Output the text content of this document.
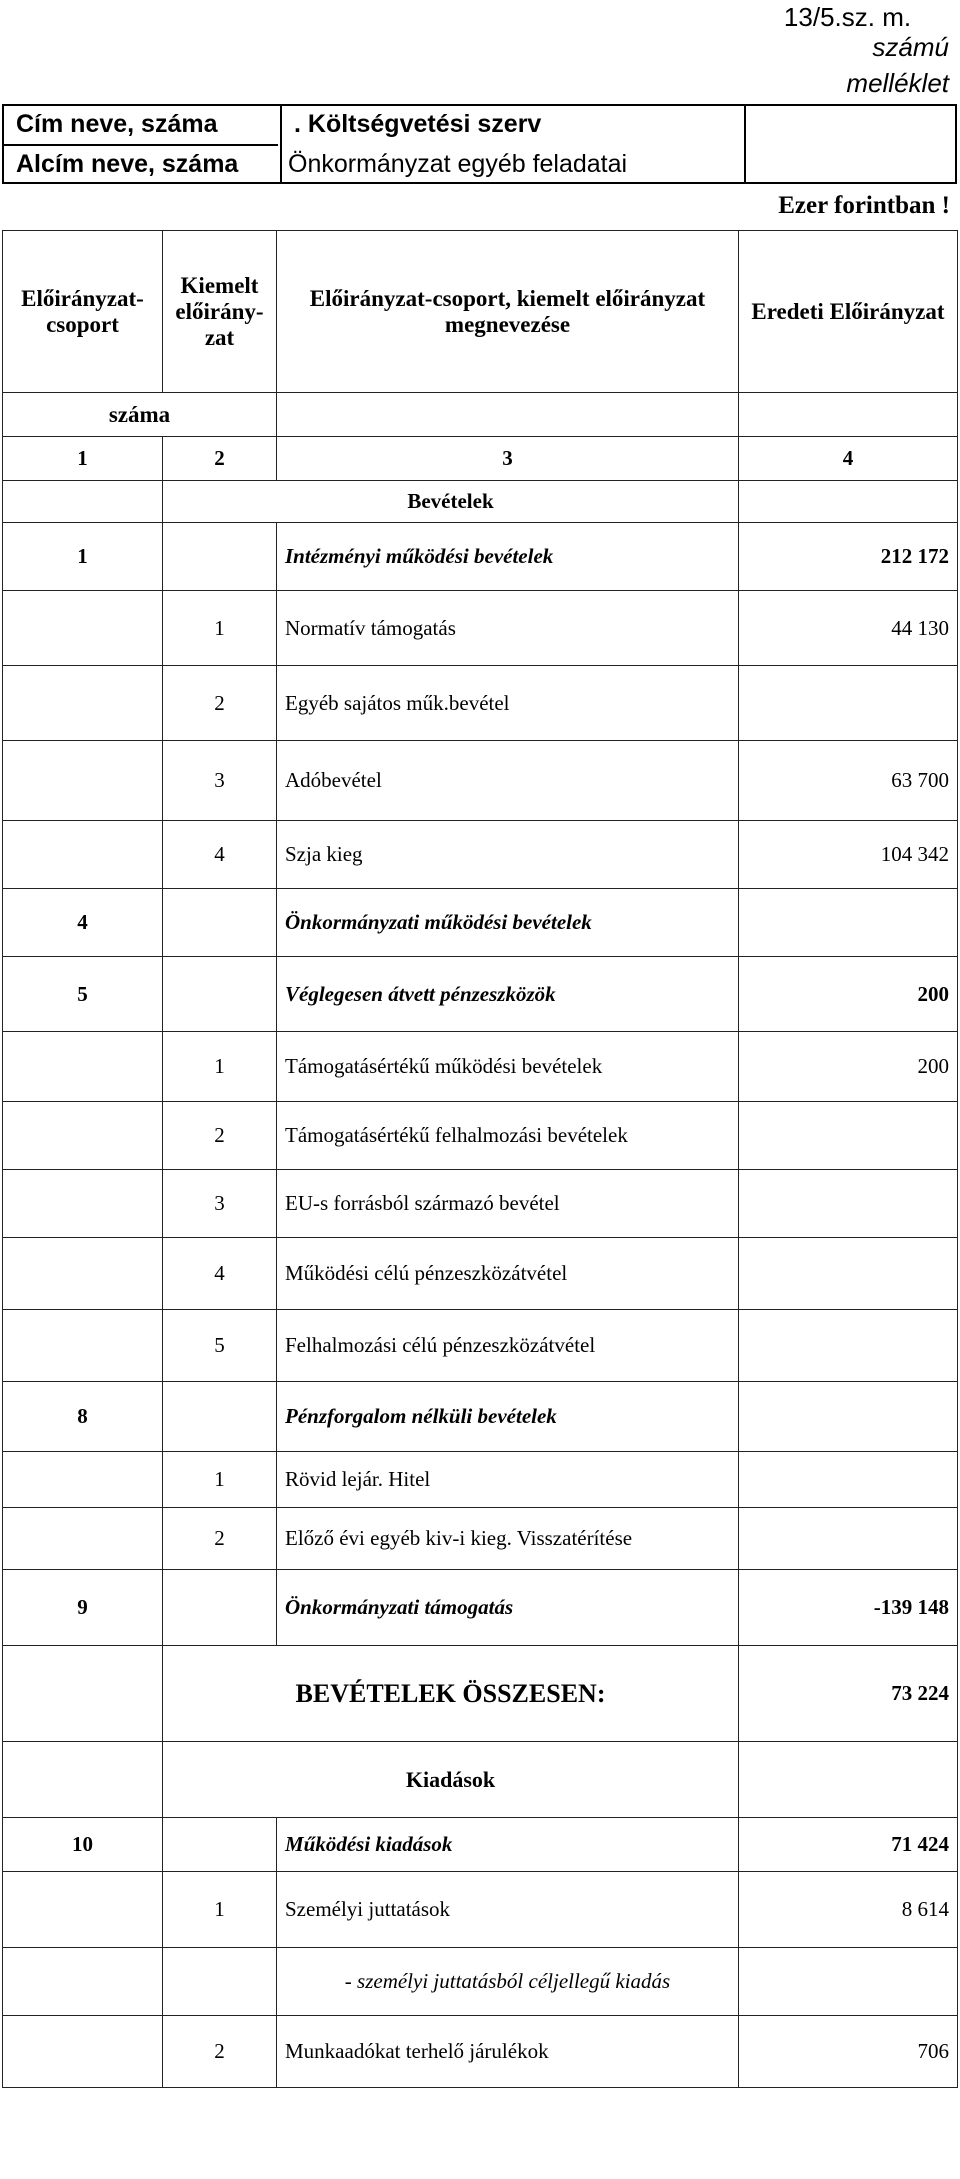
13/5.sz. m.
számú
melléklet
Cím neve, száma	. Költségvetési szerv
Alcím neve, száma Önkormányzat egyéb feladatai
Ezer forintban !
Előirányzat-csoport	Kiemelt előirány-zat	Előirányzat-csoport, kiemelt előirányzat megnevezése	Eredeti Előirányzat
száma			
1	2	3	4
	Bevételek		
1		Intézményi működési bevételek	212 172
	1	Normatív támogatás	44 130
	2	Egyéb sajátos műk.bevétel	
	3	Adóbevétel	63 700
	4	Szja kieg	104 342
4		Önkormányzati működési bevételek	
5		Véglegesen átvett pénzeszközök	200
	1	Támogatásértékű működési bevételek	200
	2	Támogatásértékű felhalmozási bevételek	
	3	EU-s forrásból származó bevétel	
	4	Működési célú pénzeszközátvétel	
	5	Felhalmozási célú pénzeszközátvétel	
8		Pénzforgalom nélküli bevételek	
	1	Rövid lejár. Hitel	
	2	Előző évi egyéb kiv-i kieg. Visszatérítése	
9		Önkormányzati támogatás	-139 148
	BEVÉTELEK ÖSSZESEN:		73 224
	Kiadások		
10		Működési kiadások	71 424
	1	Személyi juttatások	8 614
		- személyi juttatásból céljellegű kiadás	
	2	Munkaadókat terhelő járulékok	706
